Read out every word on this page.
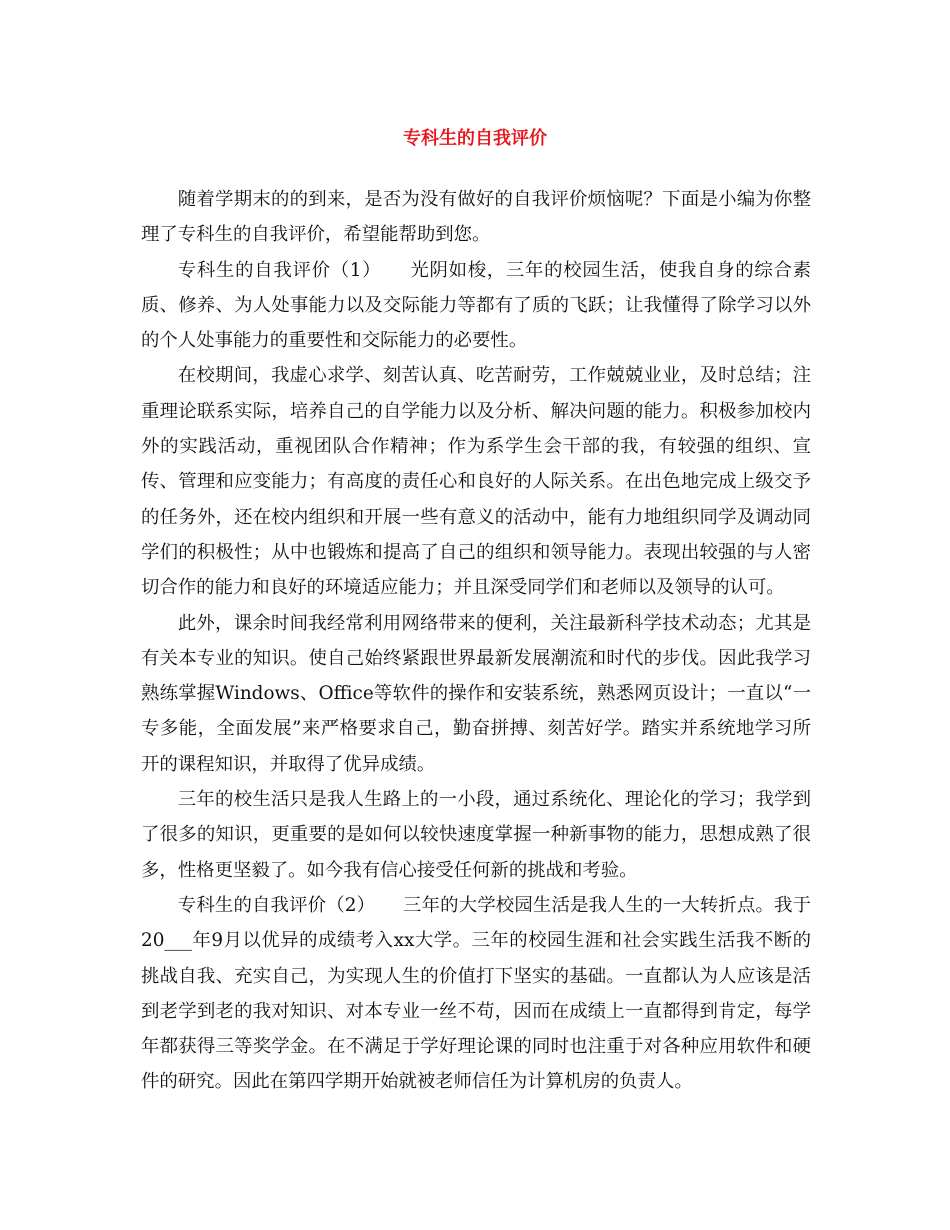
专科生的自我评价

随着学期末的的到来，是否为没有做好的自我评价烦恼呢？下面是小编为你整理了专科生的自我评价，希望能帮助到您。

专科生的自我评价（1）　　光阴如梭，三年的校园生活，使我自身的综合素质、修养、为人处事能力以及交际能力等都有了质的飞跃；让我懂得了除学习以外的个人处事能力的重要性和交际能力的必要性。

在校期间，我虚心求学、刻苦认真、吃苦耐劳，工作兢兢业业，及时总结；注重理论联系实际，培养自己的自学能力以及分析、解决问题的能力。积极参加校内外的实践活动，重视团队合作精神；作为系学生会干部的我，有较强的组织、宣传、管理和应变能力；有高度的责任心和良好的人际关系。在出色地完成上级交予的任务外，还在校内组织和开展一些有意义的活动中，能有力地组织同学及调动同学们的积极性；从中也锻炼和提高了自己的组织和领导能力。表现出较强的与人密切合作的能力和良好的环境适应能力；并且深受同学们和老师以及领导的认可。

此外，课余时间我经常利用网络带来的便利，关注最新科学技术动态；尤其是有关本专业的知识。使自己始终紧跟世界最新发展潮流和时代的步伐。因此我学习熟练掌握Windows、Office等软件的操作和安装系统，熟悉网页设计；一直以“一专多能，全面发展”来严格要求自己，勤奋拼搏、刻苦好学。踏实并系统地学习所开的课程知识，并取得了优异成绩。

三年的校生活只是我人生路上的一小段，通过系统化、理论化的学习；我学到了很多的知识，更重要的是如何以较快速度掌握一种新事物的能力，思想成熟了很多，性格更坚毅了。如今我有信心接受任何新的挑战和考验。

专科生的自我评价（2）　　三年的大学校园生活是我人生的一大转折点。我于20___年9月以优异的成绩考入xx大学。三年的校园生涯和社会实践生活我不断的挑战自我、充实自己，为实现人生的价值打下坚实的基础。一直都认为人应该是活到老学到老的我对知识、对本专业一丝不苟，因而在成绩上一直都得到肯定，每学年都获得三等奖学金。在不满足于学好理论课的同时也注重于对各种应用软件和硬件的研究。因此在第四学期开始就被老师信任为计算机房的负责人。
